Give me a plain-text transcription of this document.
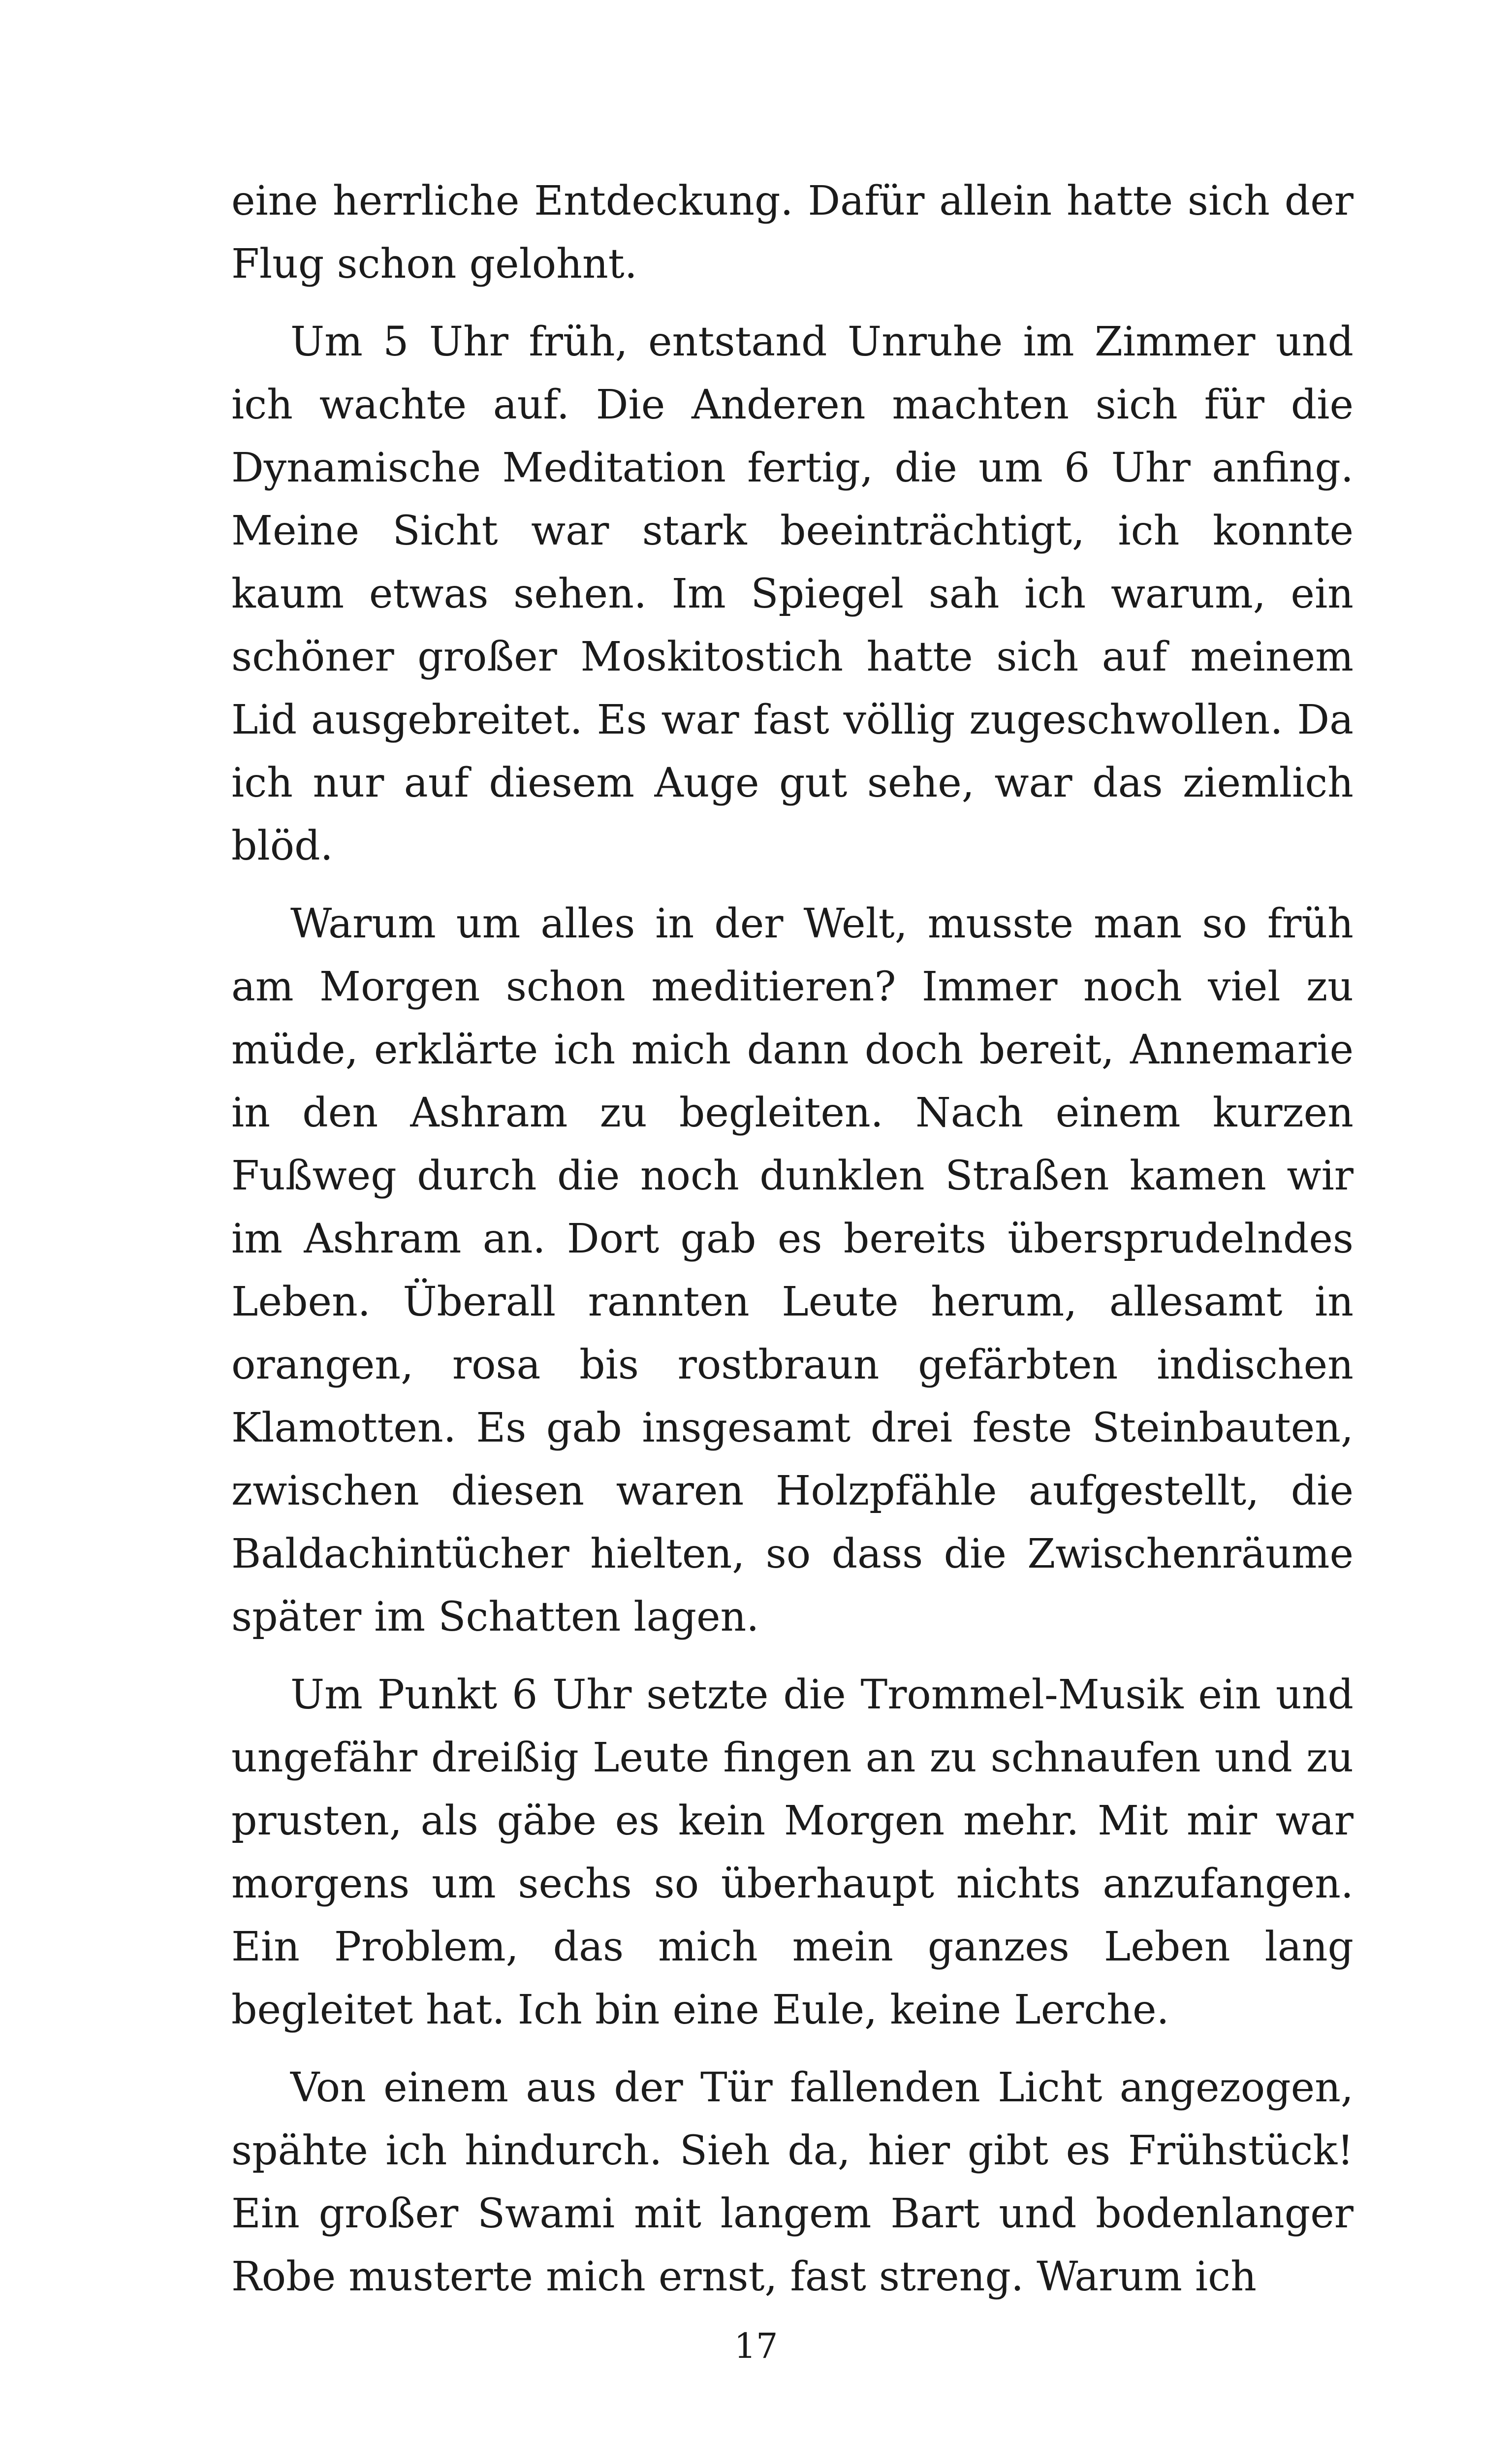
eine herrliche Entdeckung. Dafür allein hatte sich der Flug schon gelohnt.

Um 5 Uhr früh, entstand Unruhe im Zimmer und ich wachte auf. Die Anderen machten sich für die Dynamische Meditation fertig, die um 6 Uhr anfing. Meine Sicht war stark beeinträchtigt, ich konnte kaum etwas sehen. Im Spiegel sah ich warum, ein schöner großer Moskitostich hatte sich auf meinem Lid ausgebreitet. Es war fast völlig zugeschwollen. Da ich nur auf diesem Auge gut sehe, war das ziemlich blöd.

Warum um alles in der Welt, musste man so früh am Morgen schon meditieren? Immer noch viel zu müde, erklärte ich mich dann doch bereit, Annemarie in den Ashram zu begleiten. Nach einem kurzen Fußweg durch die noch dunklen Straßen kamen wir im Ashram an. Dort gab es bereits übersprudelndes Leben. Überall rannten Leute herum, allesamt in orangen, rosa bis rostbraun gefärbten indischen Klamotten. Es gab insgesamt drei feste Steinbauten, zwischen diesen waren Holzpfähle aufgestellt, die Baldachintücher hielten, so dass die Zwischenräume später im Schatten lagen.

Um Punkt 6 Uhr setzte die Trommel-Musik ein und ungefähr dreißig Leute fingen an zu schnaufen und zu prusten, als gäbe es kein Morgen mehr. Mit mir war morgens um sechs so überhaupt nichts anzufangen. Ein Problem, das mich mein ganzes Leben lang begleitet hat. Ich bin eine Eule, keine Lerche.

Von einem aus der Tür fallenden Licht angezogen, spähte ich hindurch. Sieh da, hier gibt es Frühstück! Ein großer Swami mit langem Bart und bodenlanger Robe musterte mich ernst, fast streng. Warum ich

17
